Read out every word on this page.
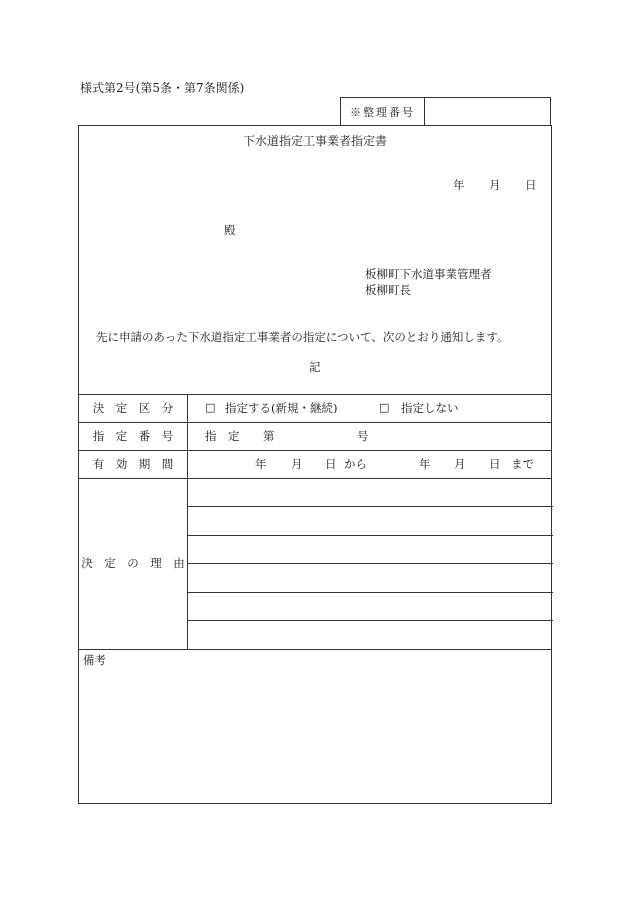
様式第2号(第5条・第7条関係)
※整理番号
下水道指定工事業者指定書
年 月 日
殿
板柳町下水道事業管理者
板柳町長
先に申請のあった下水道指定工事業者の指定について、次のとおり通知します。
記
決　定　区　分	□ 指定する(新規・継続)	□ 指定しない
指　定　番　号	指　定 第	号
有　効　期　間	年 月 日 から	年 月 日 まで
決　定　の　理　由
備考
